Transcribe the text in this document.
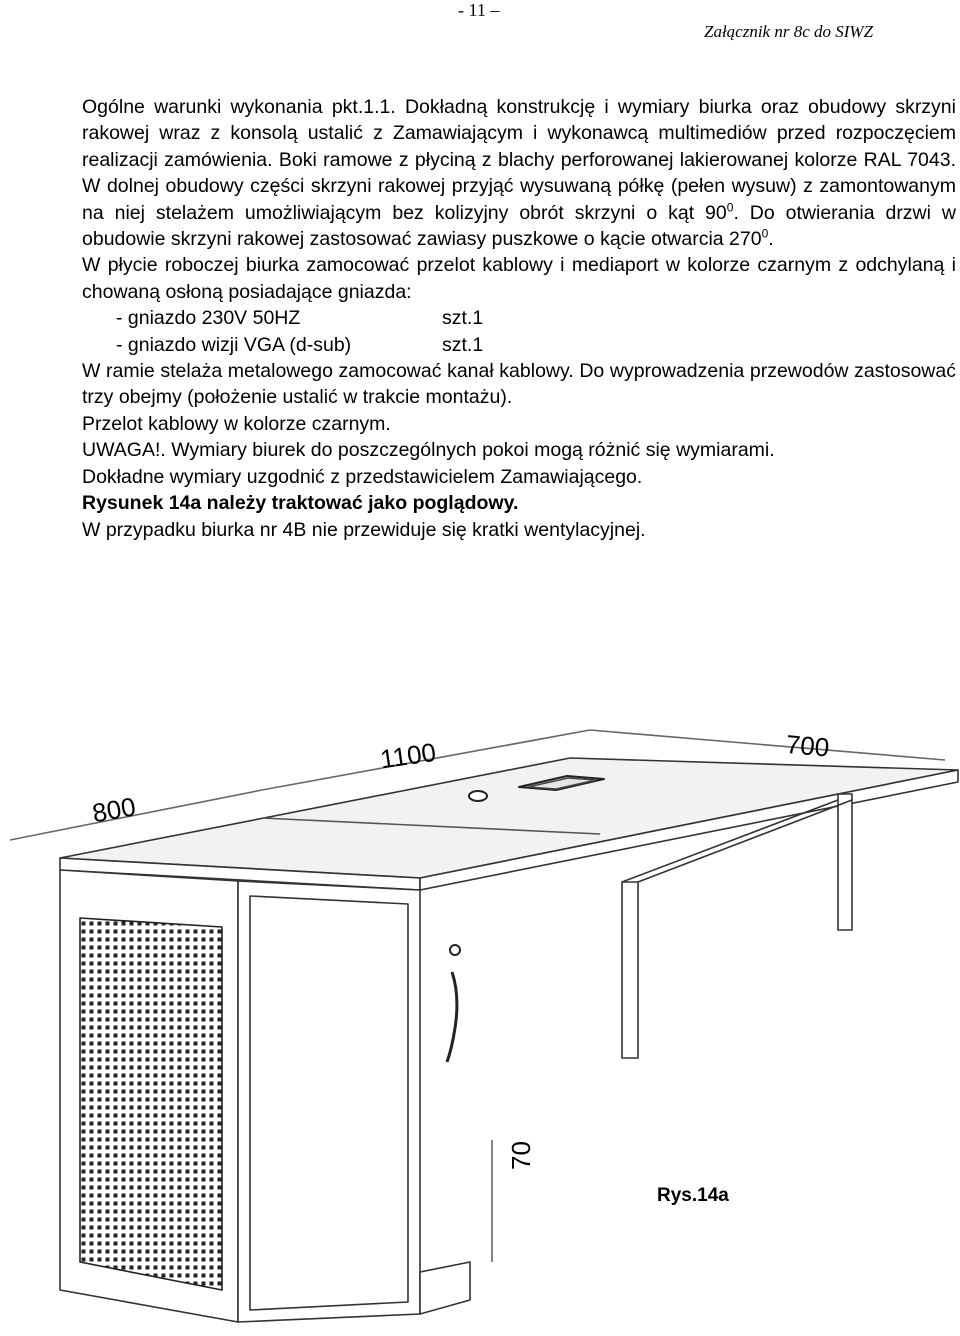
- 11 –
Załącznik nr 8c do SIWZ

Ogólne warunki wykonania pkt.1.1. Dokładną konstrukcję i wymiary biurka oraz obudowy skrzyni rakowej wraz z konsolą ustalić z Zamawiającym i wykonawcą multimediów przed rozpoczęciem realizacji zamówienia. Boki ramowe z płyciną z blachy perforowanej lakierowanej kolorze RAL 7043. W dolnej obudowy części skrzyni rakowej przyjąć wysuwaną półkę (pełen wysuw) z zamontowanym na niej stelażem umożliwiającym bez kolizyjny obrót skrzyni o kąt $90^0$. Do otwierania drzwi w obudowie skrzyni rakowej zastosować zawiasy puszkowe o kącie otwarcia $270^0$.

W płycie roboczej biurka zamocować przelot kablowy i mediaport w kolorze czarnym z odchylaną i chowaną osłoną posiadające gniazda:

- gniazdo 230V 50HZ	szt.1
- gniazdo wizji VGA (d-sub)	szt.1

W ramie stelaża metalowego zamocować kanał kablowy. Do wyprowadzenia przewodów zastosować trzy obejmy (położenie ustalić w trakcie montażu).

Przelot kablowy w kolorze czarnym.

UWAGA!. Wymiary biurek do poszczególnych pokoi mogą różnić się wymiarami.

Dokładne wymiary uzgodnić z przedstawicielem Zamawiającego.

Rysunek 14a należy traktować jako poglądowy.

W przypadku biurka nr 4B nie przewiduje się kratki wentylacyjnej.

1100	700
800
70
Rys.14a
